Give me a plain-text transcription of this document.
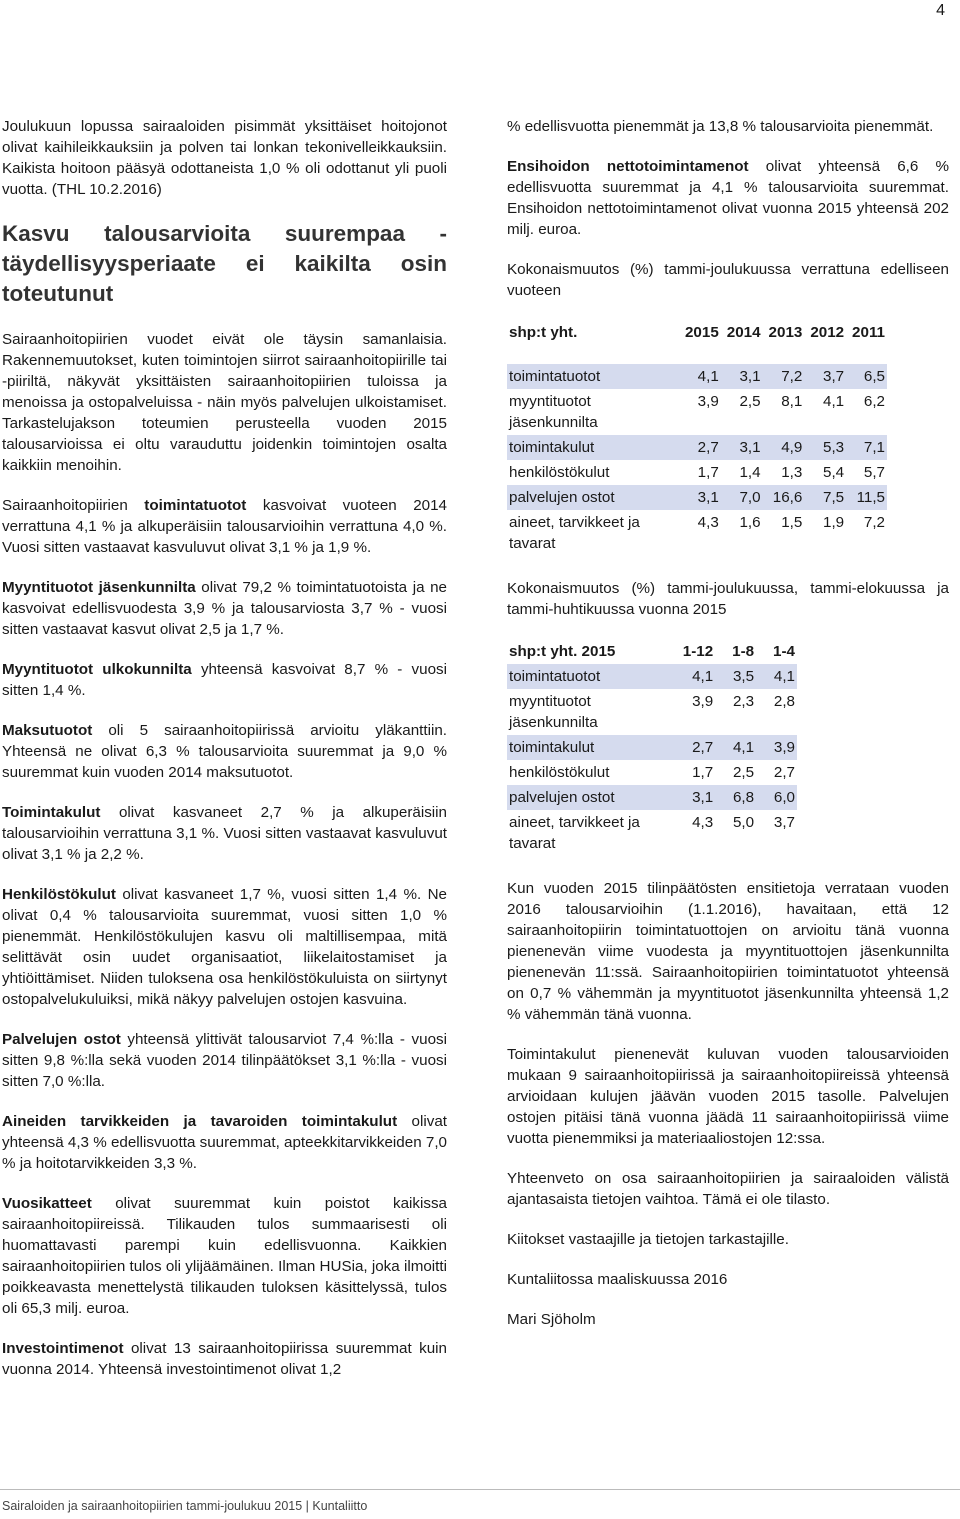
4

Joulukuun lopussa sairaaloiden pisimmät yksittäiset hoitojonot olivat kaihileikkauksiin ja polven tai lonkan tekonivelleikkauksiin. Kaikista hoitoon pääsyä odottaneista 1,0 % oli odottanut yli puoli vuotta. (THL 10.2.2016)

Kasvu talousarvioita suurempaa - täydellisyysperiaate ei kaikilta osin toteutunut

Sairaanhoitopiirien vuodet eivät ole täysin samanlaisia. Rakennemuutokset, kuten toimintojen siirrot sairaanhoitopiirille tai -piiriltä, näkyvät yksittäisten sairaanhoitopiirien tuloissa ja menoissa ja ostopalveluissa - näin myös palvelujen ulkoistamiset. Tarkastelujakson toteumien perusteella vuoden 2015 talousarvioissa ei oltu varauduttu joidenkin toimintojen osalta kaikkiin menoihin.

Sairaanhoitopiirien toimintatuotot kasvoivat vuoteen 2014 verrattuna 4,1 % ja alkuperäisiin talousarvioihin verrattuna 4,0 %. Vuosi sitten vastaavat kasvuluvut olivat 3,1 % ja 1,9 %.

Myyntituotot jäsenkunnilta olivat 79,2 % toimintatuotoista ja ne kasvoivat edellisvuodesta 3,9 % ja talousarviosta 3,7 % - vuosi sitten vastaavat kasvut olivat 2,5 ja 1,7 %.

Myyntituotot ulkokunnilta yhteensä kasvoivat 8,7 % - vuosi sitten 1,4 %.

Maksutuotot oli 5 sairaanhoitopiirissä arvioitu yläkanttiin. Yhteensä ne olivat 6,3 % talousarvioita suuremmat ja 9,0 % suuremmat kuin vuoden 2014 maksutuotot.

Toimintakulut olivat kasvaneet 2,7 % ja alkuperäisiin talousarvioihin verrattuna 3,1 %. Vuosi sitten vastaavat kasvuluvut olivat 3,1 % ja 2,2 %.

Henkilöstökulut olivat kasvaneet 1,7 %, vuosi sitten 1,4 %. Ne olivat 0,4 % talousarvioita suuremmat, vuosi sitten 1,0 % pienemmät. Henkilöstökulujen kasvu oli maltillisempaa, mitä selittävät osin uudet organisaatiot, liikelaitostamiset ja yhtiöittämiset. Niiden tuloksena osa henkilöstökuluista on siirtynyt ostopalvelukuluiksi, mikä näkyy palvelujen ostojen kasvuina.

Palvelujen ostot yhteensä ylittivät talousarviot 7,4 %:lla - vuosi sitten 9,8 %:lla sekä vuoden 2014 tilinpäätökset 3,1 %:lla - vuosi sitten 7,0 %:lla.

Aineiden tarvikkeiden ja tavaroiden toimintakulut olivat yhteensä 4,3 % edellisvuotta suuremmat, apteekkitarvikkeiden 7,0 % ja hoitotarvikkeiden 3,3 %.

Vuosikatteet olivat suuremmat kuin poistot kaikissa sairaanhoitopiireissä. Tilikauden tulos summaarisesti oli huomattavasti parempi kuin edellisvuonna. Kaikkien sairaanhoitopiirien tulos oli ylijäämäinen. Ilman HUSia, joka ilmoitti poikkeavasta menettelystä tilikauden tuloksen käsittelyssä, tulos oli 65,3 milj. euroa.

Investointimenot olivat 13 sairaanhoitopiirissa suuremmat kuin vuonna 2014. Yhteensä investointimenot olivat 1,2

% edellisvuotta pienemmät ja 13,8 % talousarvioita pienemmät.

Ensihoidon nettotoimintamenot olivat yhteensä 6,6 % edellisvuotta suuremmat ja 4,1 % talousarvioita suuremmat. Ensihoidon nettotoimintamenot olivat vuonna 2015 yhteensä 202 milj. euroa.

Kokonaismuutos (%) tammi-joulukuussa verrattuna edelliseen vuoteen

shp:t yht.	2015	2014	2013	2012	2011
toimintatuotot	4,1	3,1	7,2	3,7	6,5
myyntituotot jäsenkunnilta	3,9	2,5	8,1	4,1	6,2
toimintakulut	2,7	3,1	4,9	5,3	7,1
henkilöstökulut	1,7	1,4	1,3	5,4	5,7
palvelujen ostot	3,1	7,0	16,6	7,5	11,5
aineet, tarvikkeet ja tavarat	4,3	1,6	1,5	1,9	7,2

Kokonaismuutos (%) tammi-joulukuussa, tammi-elokuussa ja tammi-huhtikuussa vuonna 2015

shp:t yht. 2015	1-12	1-8	1-4
toimintatuotot	4,1	3,5	4,1
myyntituotot jäsenkunnilta	3,9	2,3	2,8
toimintakulut	2,7	4,1	3,9
henkilöstökulut	1,7	2,5	2,7
palvelujen ostot	3,1	6,8	6,0
aineet, tarvikkeet ja tavarat	4,3	5,0	3,7

Kun vuoden 2015 tilinpäätösten ensitietoja verrataan vuoden 2016 talousarvioihin (1.1.2016), havaitaan, että 12 sairaanhoitopiirin toimintatuottojen on arvioitu tänä vuonna pienenevän viime vuodesta ja myyntituottojen jäsenkunnilta pienenevän 11:ssä. Sairaanhoitopiirien toimintatuotot yhteensä on 0,7 % vähemmän ja myyntituotot jäsenkunnilta yhteensä 1,2 % vähemmän tänä vuonna.

Toimintakulut pienenevät kuluvan vuoden talousarvioiden mukaan 9 sairaanhoitopiirissä ja sairaanhoitopiireissä yhteensä arvioidaan kulujen jäävän vuoden 2015 tasolle. Palvelujen ostojen pitäisi tänä vuonna jäädä 11 sairaanhoitopiirissä viime vuotta pienemmiksi ja materiaaliostojen 12:ssa.

Yhteenveto on osa sairaanhoitopiirien ja sairaaloiden välistä ajantasaista tietojen vaihtoa. Tämä ei ole tilasto.

Kiitokset vastaajille ja tietojen tarkastajille.

Kuntaliitossa maaliskuussa 2016

Mari Sjöholm

Sairaloiden ja sairaanhoitopiirien tammi-joulukuu 2015 | Kuntaliitto
